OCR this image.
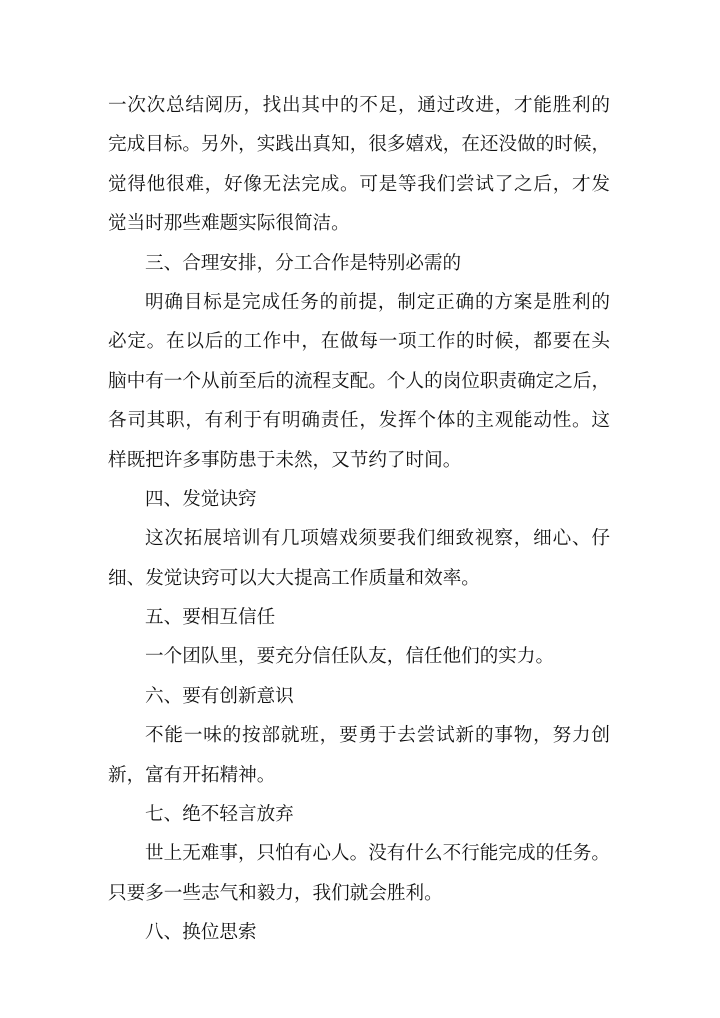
一次次总结阅历，找出其中的不足，通过改进，才能胜利的
完成目标。另外，实践出真知，很多嬉戏，在还没做的时候，
觉得他很难，好像无法完成。可是等我们尝试了之后，才发
觉当时那些难题实际很简洁。
三、合理安排，分工合作是特别必需的
明确目标是完成任务的前提，制定正确的方案是胜利的
必定。在以后的工作中，在做每一项工作的时候，都要在头
脑中有一个从前至后的流程支配。个人的岗位职责确定之后，
各司其职，有利于有明确责任，发挥个体的主观能动性。这
样既把许多事防患于未然，又节约了时间。
四、发觉诀窍
这次拓展培训有几项嬉戏须要我们细致视察，细心、仔
细、发觉诀窍可以大大提高工作质量和效率。
五、要相互信任
一个团队里，要充分信任队友，信任他们的实力。
六、要有创新意识
不能一味的按部就班，要勇于去尝试新的事物，努力创
新，富有开拓精神。
七、绝不轻言放弃
世上无难事，只怕有心人。没有什么不行能完成的任务。
只要多一些志气和毅力，我们就会胜利。
八、换位思索
